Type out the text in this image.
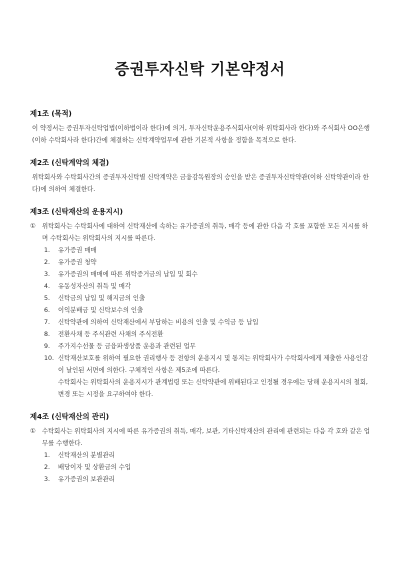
증권투자신탁 기본약정서
제1조 (목적)
이 약정서는 증권투자신탁업법(이하법이라 한다)에 의거, 투자신탁운용주식회사(이하 위탁회사라 한다)와 주식회사 OO은행(이하 수탁회사라 한다)간에 체결하는 신탁계약업무에 관한 기본적 사항을 정함을 목적으로 한다.
제2조 (신탁계약의 체결)
위탁회사와 수탁회사간의 증권투자신탁별 신탁계약은 금융감독원장의 승인을 받은 증권투자신탁약관(이하 신탁약관이라 한다)에 의하여 체결한다.
제3조 (신탁재산의 운용지시)
①	위탁회사는 수탁회사에 대하여 신탁재산에 속하는 유가증권의 취득, 매각 등에 관한 다음 각 호를 포함한 모든 지시를 하며 수탁회사는 위탁회사의 지시를 따른다.
1.	유가증권 매매
2.	유가증권 청약
3.	유가증권의 매매에 따른 위탁증거금의 납입 및 회수
4.	유동성자산의 취득 및 매각
5.	신탁금의 납입 및 해지금의 인출
6.	이익분배금 및 신탁보수의 인출
7.	신탁약관에 의하여 신탁재산에서 부담하는 비용의 인출 및 수익금 등 납입
8.	전환사채 등 주식관련 사채의 주식전환
9.	주가지수선물 등 금융파생상품 운용과 관련된 업무
10. 신탁재산보호를 위하여 필요한 권리행사 등 전항의 운용지시 및 통지는 위탁회사가 수탁회사에게 제출한 사용인감이 날인된 서면에 의한다. 구체적인 사항은 제5조에 따른다.
수탁회사는 위탁회사의 운용지시가 관계법령 또는 신탁약관에 위배된다고 인정될 경우에는 당해 운용지시의 철회, 변경 또는 시정을 요구하여야 한다.
제4조 (신탁재산의 관리)
①	수탁회사는 위탁회사의 지시에 따른 유가증권의 취득, 매각, 보관, 기타신탁재산의 관리에 관련되는 다음 각 호와 같은 업무를 수행한다.
1.	신탁재산의 분별관리
2.	배당이자 및 상환금의 수입
3.	유가증권의 보관관리
